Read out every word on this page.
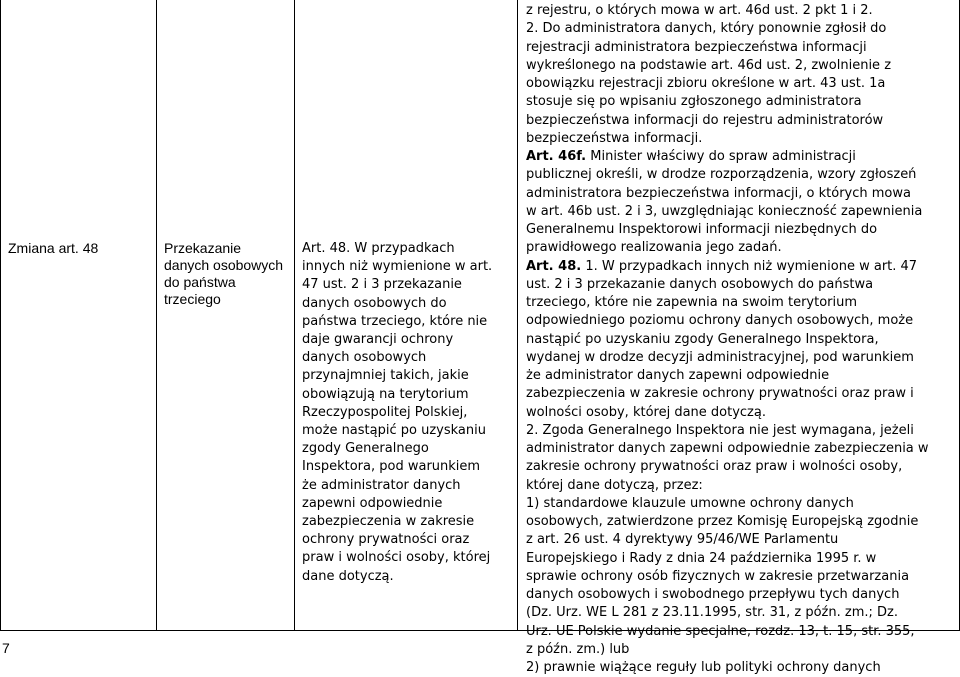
Zmiana art. 48	Przekazanie
danych osobowych
do państwa
trzeciego
Art. 48. W przypadkach
innych niż wymienione w art.
47 ust. 2 i 3 przekazanie
danych osobowych do
państwa trzeciego, które nie
daje gwarancji ochrony
danych osobowych
przynajmniej takich, jakie
obowiązują na terytorium
Rzeczypospolitej Polskiej,
może nastąpić po uzyskaniu
zgody Generalnego
Inspektora, pod warunkiem
że administrator danych
zapewni odpowiednie
zabezpieczenia w zakresie
ochrony prywatności oraz
praw i wolności osoby, której
dane dotyczą.
z rejestru, o których mowa w art. 46d ust. 2 pkt 1 i 2.
2. Do administratora danych, który ponownie zgłosił do
rejestracji administratora bezpieczeństwa informacji
wykreślonego na podstawie art. 46d ust. 2, zwolnienie z
obowiązku rejestracji zbioru określone w art. 43 ust. 1a
stosuje się po wpisaniu zgłoszonego administratora
bezpieczeństwa informacji do rejestru administratorów
bezpieczeństwa informacji.
Art. 46f. Minister właściwy do spraw administracji
publicznej określi, w drodze rozporządzenia, wzory zgłoszeń
administratora bezpieczeństwa informacji, o których mowa
w art. 46b ust. 2 i 3, uwzględniając konieczność zapewnienia
Generalnemu Inspektorowi informacji niezbędnych do
prawidłowego realizowania jego zadań.
Art. 48. 1. W przypadkach innych niż wymienione w art. 47
ust. 2 i 3 przekazanie danych osobowych do państwa
trzeciego, które nie zapewnia na swoim terytorium
odpowiedniego poziomu ochrony danych osobowych, może
nastąpić po uzyskaniu zgody Generalnego Inspektora,
wydanej w drodze decyzji administracyjnej, pod warunkiem
że administrator danych zapewni odpowiednie
zabezpieczenia w zakresie ochrony prywatności oraz praw i
wolności osoby, której dane dotyczą.
2. Zgoda Generalnego Inspektora nie jest wymagana, jeżeli
administrator danych zapewni odpowiednie zabezpieczenia w
zakresie ochrony prywatności oraz praw i wolności osoby,
której dane dotyczą, przez:
1) standardowe klauzule umowne ochrony danych
osobowych, zatwierdzone przez Komisję Europejską zgodnie
z art. 26 ust. 4 dyrektywy 95/46/WE Parlamentu
Europejskiego i Rady z dnia 24 października 1995 r. w
sprawie ochrony osób fizycznych w zakresie przetwarzania
danych osobowych i swobodnego przepływu tych danych
(Dz. Urz. WE L 281 z 23.11.1995, str. 31, z późn. zm.; Dz.
Urz. UE Polskie wydanie specjalne, rozdz. 13, t. 15, str. 355,
z późn. zm.) lub
2) prawnie wiążące reguły lub polityki ochrony danych
7
